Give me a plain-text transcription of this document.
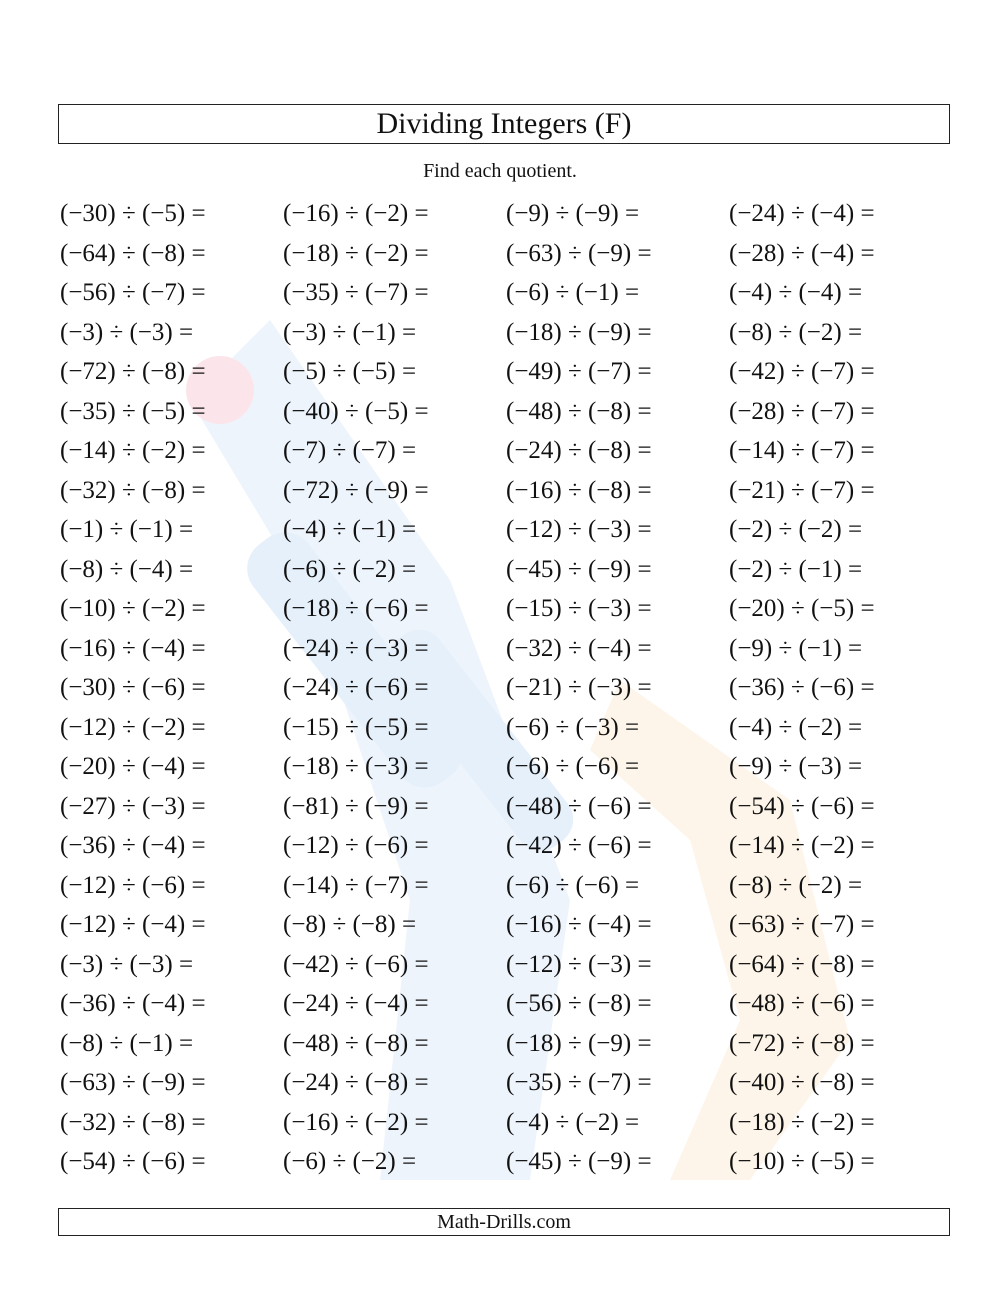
Dividing Integers (F)
Find each quotient.
(−30) ÷ (−5) =	(−16) ÷ (−2) =	(−9) ÷ (−9) =	(−24) ÷ (−4) =
(−64) ÷ (−8) =	(−18) ÷ (−2) =	(−63) ÷ (−9) =	(−28) ÷ (−4) =
(−56) ÷ (−7) =	(−35) ÷ (−7) =	(−6) ÷ (−1) =	(−4) ÷ (−4) =
(−3) ÷ (−3) =	(−3) ÷ (−1) =	(−18) ÷ (−9) =	(−8) ÷ (−2) =
(−72) ÷ (−8) =	(−5) ÷ (−5) =	(−49) ÷ (−7) =	(−42) ÷ (−7) =
(−35) ÷ (−5) =	(−40) ÷ (−5) =	(−48) ÷ (−8) =	(−28) ÷ (−7) =
(−14) ÷ (−2) =	(−7) ÷ (−7) =	(−24) ÷ (−8) =	(−14) ÷ (−7) =
(−32) ÷ (−8) =	(−72) ÷ (−9) =	(−16) ÷ (−8) =	(−21) ÷ (−7) =
(−1) ÷ (−1) =	(−4) ÷ (−1) =	(−12) ÷ (−3) =	(−2) ÷ (−2) =
(−8) ÷ (−4) =	(−6) ÷ (−2) =	(−45) ÷ (−9) =	(−2) ÷ (−1) =
(−10) ÷ (−2) =	(−18) ÷ (−6) =	(−15) ÷ (−3) =	(−20) ÷ (−5) =
(−16) ÷ (−4) =	(−24) ÷ (−3) =	(−32) ÷ (−4) =	(−9) ÷ (−1) =
(−30) ÷ (−6) =	(−24) ÷ (−6) =	(−21) ÷ (−3) =	(−36) ÷ (−6) =
(−12) ÷ (−2) =	(−15) ÷ (−5) =	(−6) ÷ (−3) =	(−4) ÷ (−2) =
(−20) ÷ (−4) =	(−18) ÷ (−3) =	(−6) ÷ (−6) =	(−9) ÷ (−3) =
(−27) ÷ (−3) =	(−81) ÷ (−9) =	(−48) ÷ (−6) =	(−54) ÷ (−6) =
(−36) ÷ (−4) =	(−12) ÷ (−6) =	(−42) ÷ (−6) =	(−14) ÷ (−2) =
(−12) ÷ (−6) =	(−14) ÷ (−7) =	(−6) ÷ (−6) =	(−8) ÷ (−2) =
(−12) ÷ (−4) =	(−8) ÷ (−8) =	(−16) ÷ (−4) =	(−63) ÷ (−7) =
(−3) ÷ (−3) =	(−42) ÷ (−6) =	(−12) ÷ (−3) =	(−64) ÷ (−8) =
(−36) ÷ (−4) =	(−24) ÷ (−4) =	(−56) ÷ (−8) =	(−48) ÷ (−6) =
(−8) ÷ (−1) =	(−48) ÷ (−8) =	(−18) ÷ (−9) =	(−72) ÷ (−8) =
(−63) ÷ (−9) =	(−24) ÷ (−8) =	(−35) ÷ (−7) =	(−40) ÷ (−8) =
(−32) ÷ (−8) =	(−16) ÷ (−2) =	(−4) ÷ (−2) =	(−18) ÷ (−2) =
(−54) ÷ (−6) =	(−6) ÷ (−2) =	(−45) ÷ (−9) =	(−10) ÷ (−5) =
Math-Drills.com
